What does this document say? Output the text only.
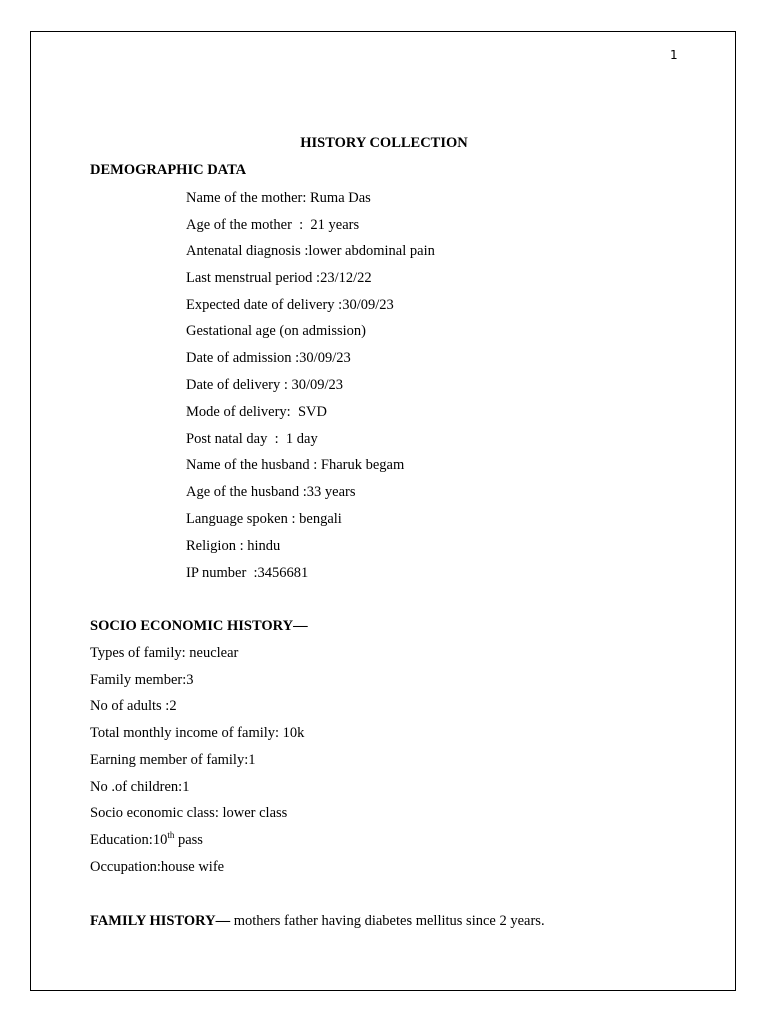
1
HISTORY COLLECTION
DEMOGRAPHIC DATA
Name of the mother: Ruma Das
Age of the mother  :  21 years
Antenatal diagnosis :lower abdominal pain
Last menstrual period :23/12/22
Expected date of delivery :30/09/23
Gestational age (on admission)
Date of admission :30/09/23
Date of delivery : 30/09/23
Mode of delivery:  SVD
Post natal day  :  1 day
Name of the husband : Fharuk begam
Age of the husband :33 years
Language spoken : bengali
Religion : hindu
IP number  :3456681
SOCIO ECONOMIC HISTORY—
Types of family: neuclear
Family member:3
No of adults :2
Total monthly income of family: 10k
Earning member of family:1
No .of children:1
Socio economic class: lower class
Education:10th pass
Occupation:house wife
FAMILY HISTORY— mothers father having diabetes mellitus since 2 years.
